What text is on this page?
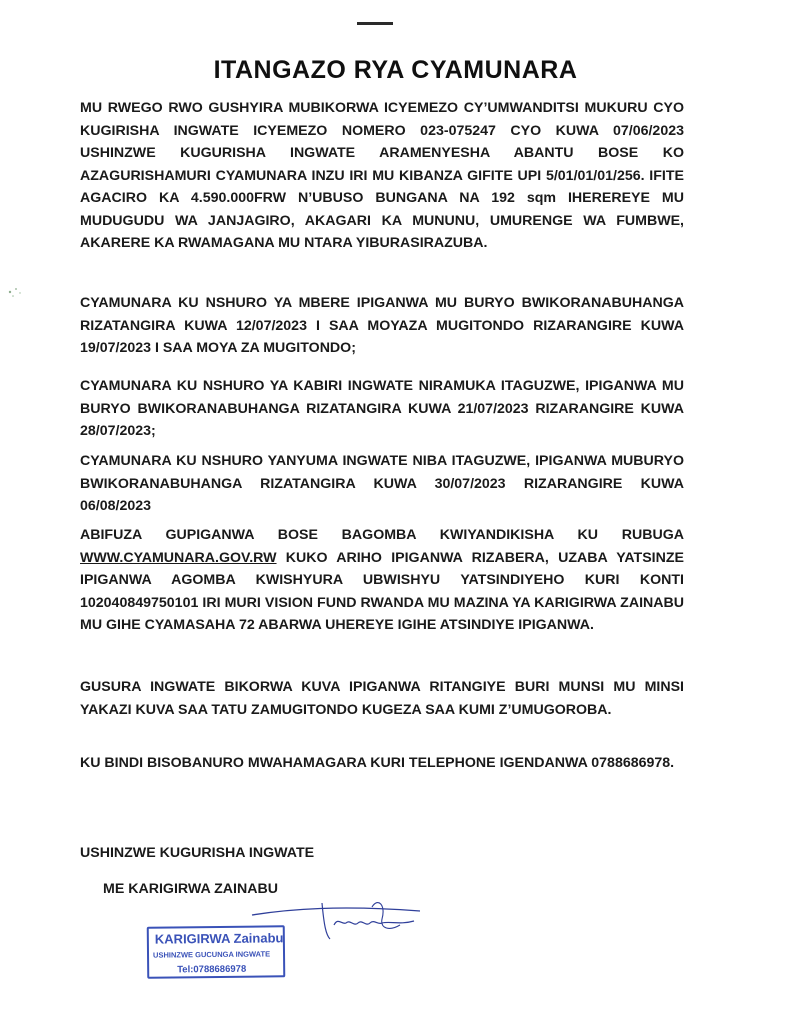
ITANGAZO RYA CYAMUNARA

MU RWEGO RWO GUSHYIRA MUBIKORWA ICYEMEZO CY’UMWANDITSI MUKURU CYO KUGIRISHA INGWATE ICYEMEZO NOMERO 023-075247 CYO KUWA 07/06/2023 USHINZWE KUGURISHA INGWATE ARAMENYESHA ABANTU BOSE KO AZAGURISHAMURI CYAMUNARA INZU IRI MU KIBANZA GIFITE UPI 5/01/01/01/256. IFITE AGACIRO KA 4.590.000FRW N’UBUSO BUNGANA NA 192 sqm IHEREREYE MU MUDUGUDU WA JANJAGIRO, AKAGARI KA MUNUNU, UMURENGE WA FUMBWE, AKARERE KA RWAMAGANA MU NTARA YIBURASIRAZUBA.

CYAMUNARA KU NSHURO YA MBERE IPIGANWA MU BURYO BWIKORANABUHANGA RIZATANGIRA KUWA 12/07/2023 I SAA MOYAZA MUGITONDO RIZARANGIRE KUWA 19/07/2023 I SAA MOYA ZA MUGITONDO;

CYAMUNARA KU NSHURO YA KABIRI INGWATE NIRAMUKA ITAGUZWE, IPIGANWA MU BURYO BWIKORANABUHANGA RIZATANGIRA KUWA 21/07/2023 RIZARANGIRE KUWA 28/07/2023;

CYAMUNARA KU NSHURO YANYUMA INGWATE NIBA ITAGUZWE, IPIGANWA MUBURYO BWIKORANABUHANGA RIZATANGIRA KUWA 30/07/2023 RIZARANGIRE KUWA 06/08/2023

ABIFUZA GUPIGANWA BOSE BAGOMBA KWIYANDIKISHA KU RUBUGA WWW.CYAMUNARA.GOV.RW KUKO ARIHO IPIGANWA RIZABERA, UZABA YATSINZE IPIGANWA AGOMBA KWISHYURA UBWISHYU YATSINDIYEHO KURI KONTI 102040849750101 IRI MURI VISION FUND RWANDA MU MAZINA YA KARIGIRWA ZAINABU MU GIHE CYAMASAHA 72 ABARWA UHEREYE IGIHE ATSINDIYE IPIGANWA.

GUSURA INGWATE BIKORWA KUVA IPIGANWA RITANGIYE BURI MUNSI MU MINSI YAKAZI KUVA SAA TATU ZAMUGITONDO KUGEZA SAA KUMI Z’UMUGOROBA.

KU BINDI BISOBANURO MWAHAMAGARA KURI TELEPHONE IGENDANWA 0788686978.

USHINZWE KUGURISHA INGWATE
ME KARIGIRWA ZAINABU
KARIGIRWA Zainabu
USHINZWE GUCUNGA INGWATE
Tel:0788686978
